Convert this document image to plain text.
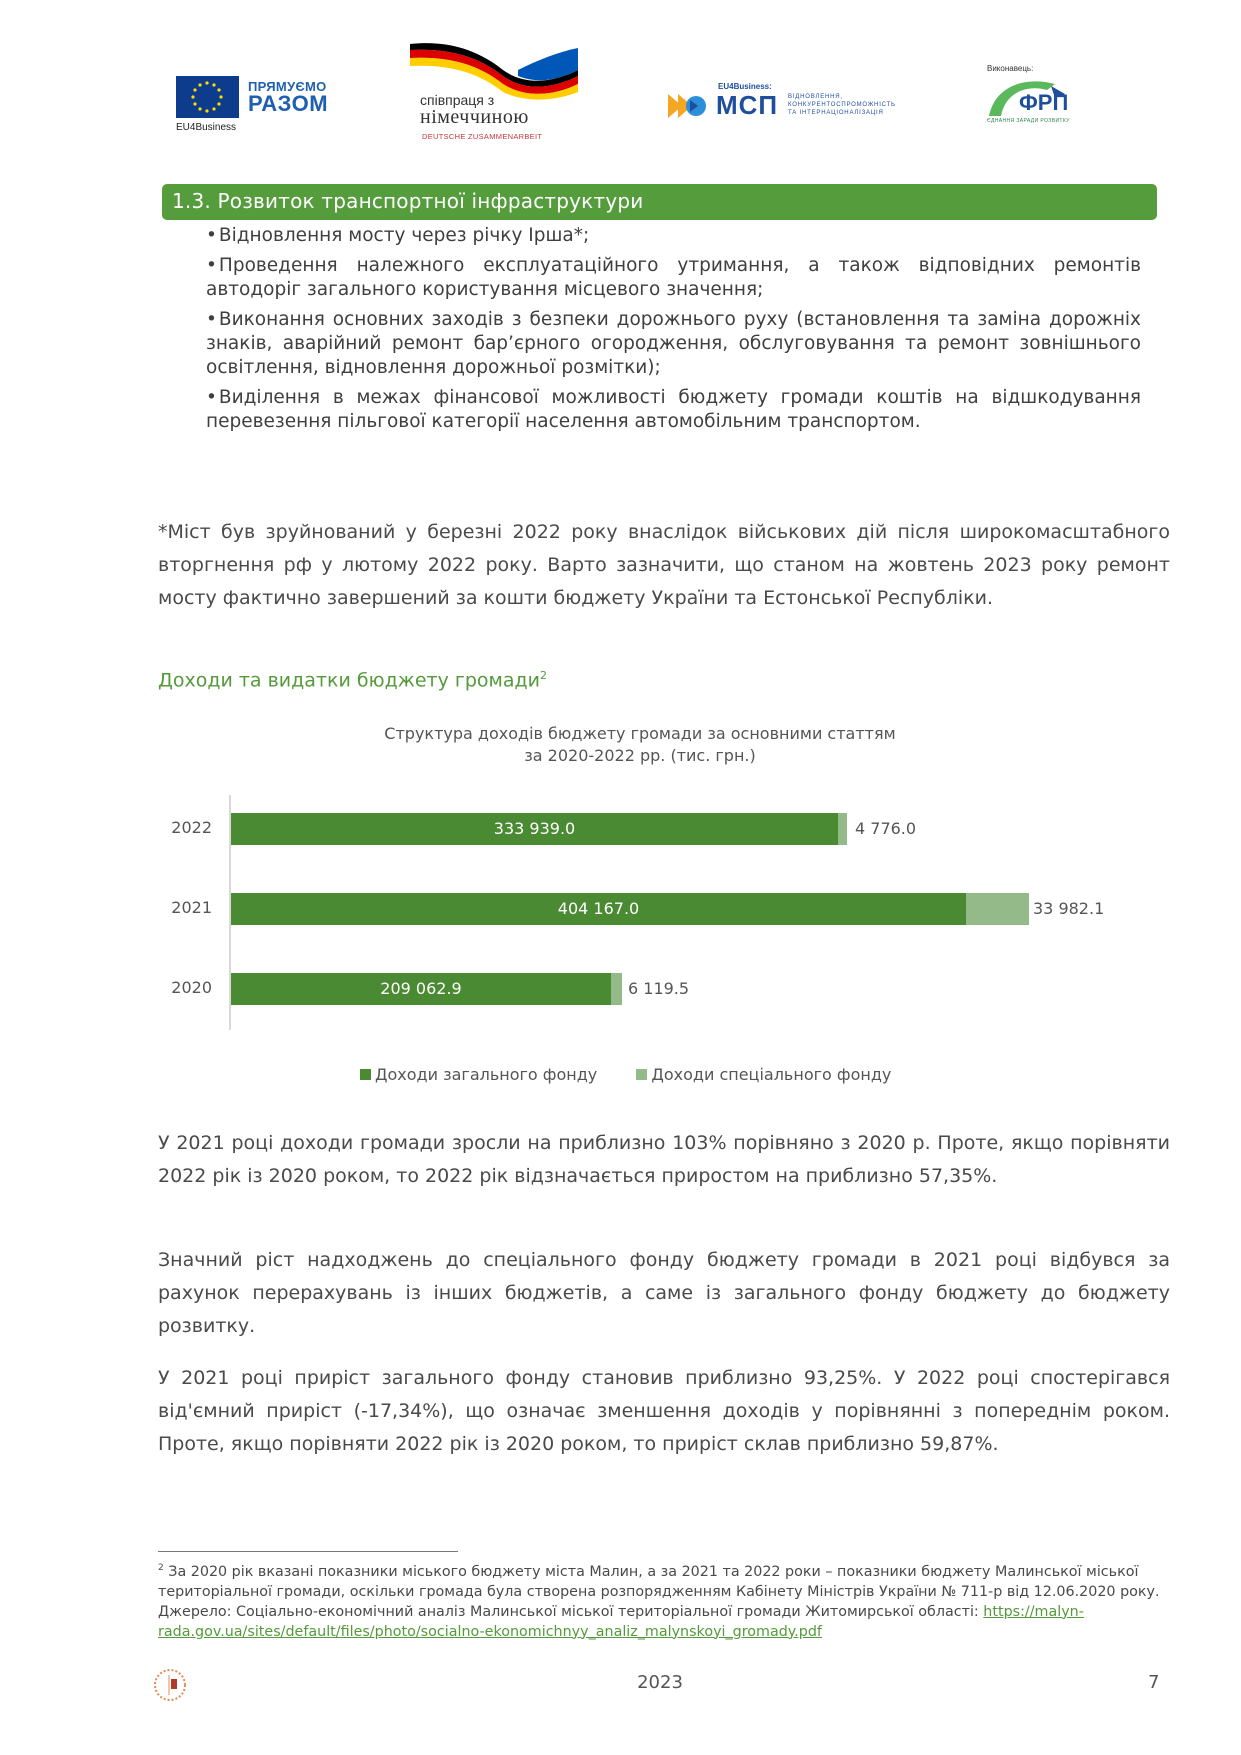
ПРЯМУЄМО
РАЗОМ
EU4Business
співпраця з
німеччиною
DEUTSCHE ZUSAMMENARBEIT
EU4Business:
МСП ВІДНОВЛЕННЯ,
КОНКУРЕНТОСПРОМОЖНІСТЬ
ТА ІНТЕРНАЦІОНАЛІЗАЦІЯ
Виконавець:
ФРП
ЄДНАННЯ ЗАРАДИ РОЗВИТКУ
1.3. Розвиток транспортної інфраструктури
• Відновлення мосту через річку Ірша*;
• Проведення належного експлуатаційного утримання, а також відповідних ремонтів автодоріг загального користування місцевого значення;
• Виконання основних заходів з безпеки дорожнього руху (встановлення та заміна дорожніх знаків, аварійний ремонт бар’єрного огородження, обслуговування та ремонт зовнішнього освітлення, відновлення дорожньої розмітки);
• Виділення в межах фінансової можливості бюджету громади коштів на відшкодування перевезення пільгової категорії населення автомобільним транспортом.
*Міст був зруйнований у березні 2022 року внаслідок військових дій після широкомасштабного вторгнення рф у лютому 2022 року. Варто зазначити, що станом на жовтень 2023 року ремонт мосту фактично завершений за кошти бюджету України та Естонської Республіки.
Доходи та видатки бюджету громади$^2$
Структура доходів бюджету громади за основними статтям
за 2020-2022 рр. (тис. грн.)
2022	333 939.0	4 776.0
2021	404 167.0	33 982.1
2020	209 062.9	6 119.5
Доходи загального фонду	Доходи спеціального фонду
У 2021 році доходи громади зросли на приблизно 103% порівняно з 2020 р. Проте, якщо порівняти 2022 рік із 2020 роком, то 2022 рік відзначається приростом на приблизно 57,35%.
Значний ріст надходжень до спеціального фонду бюджету громади в 2021 році відбувся за рахунок перерахувань із інших бюджетів, а саме із загального фонду бюджету до бюджету розвитку.
У 2021 році приріст загального фонду становив приблизно 93,25%. У 2022 році спостерігався від'ємний приріст (-17,34%), що означає зменшення доходів у порівнянні з попереднім роком. Проте, якщо порівняти 2022 рік із 2020 роком, то приріст склав приблизно 59,87%.
$^2$ За 2020 рік вказані показники міського бюджету міста Малин, а за 2021 та 2022 роки – показники бюджету Малинської міської територіальної громади, оскільки громада була створена розпорядженням Кабінету Міністрів України № 711-р від 12.06.2020 року. Джерело: Соціально-економічний аналіз Малинської міської територіальної громади Житомирської області: https://malyn-rada.gov.ua/sites/default/files/photo/socialno-ekonomichnyy_analiz_malynskoyi_gromady.pdf
2023	7
